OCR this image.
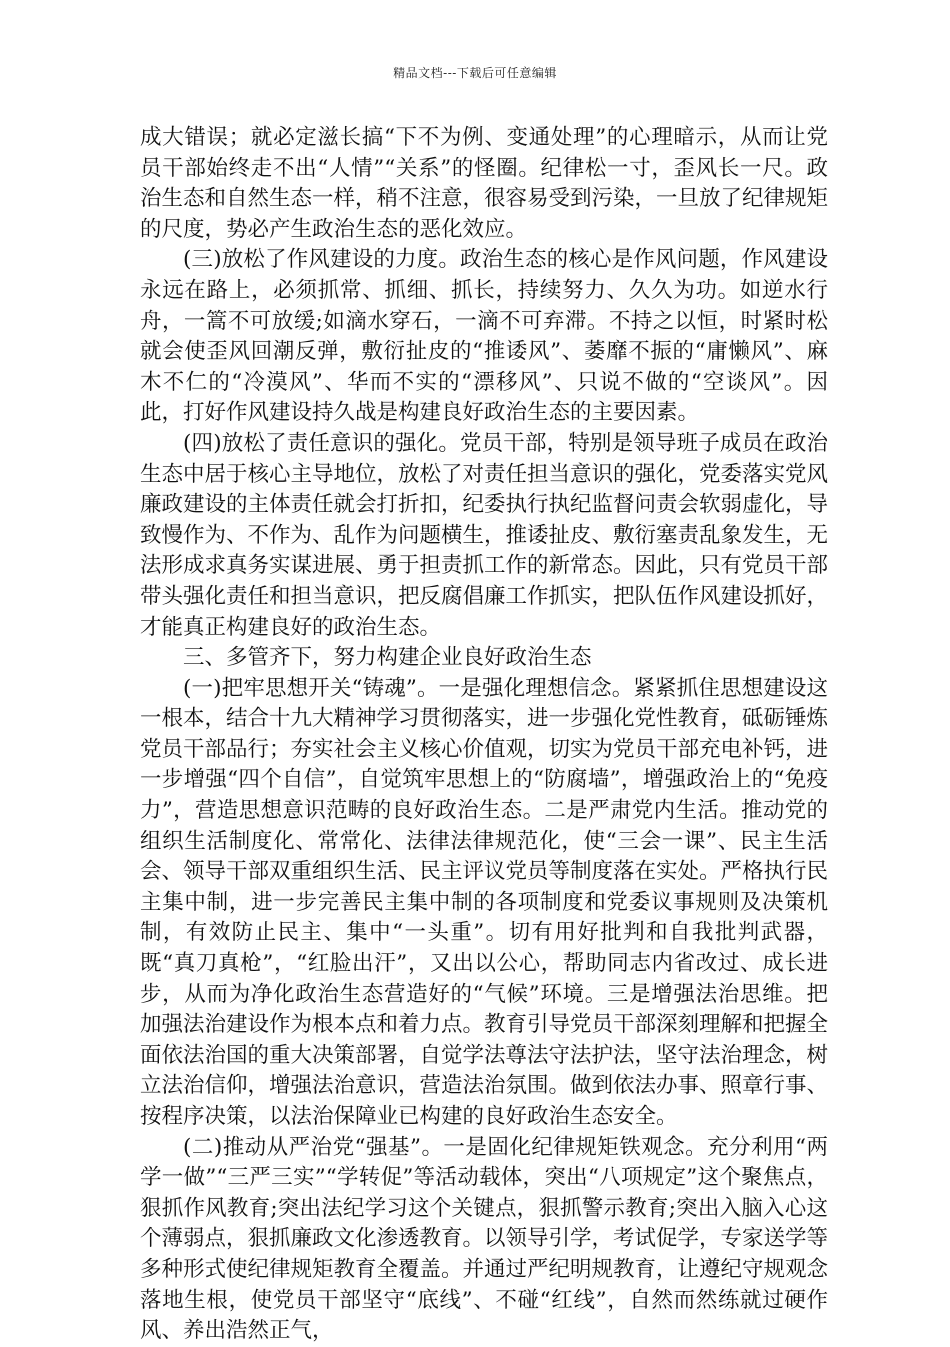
精品文档---下载后可任意编辑

成大错误；就必定滋长搞“下不为例、变通处理”的心理暗示，从而让党员干部始终走不出“人情”“关系”的怪圈。纪律松一寸，歪风长一尺。政治生态和自然生态一样，稍不注意，很容易受到污染，一旦放了纪律规矩的尺度，势必产生政治生态的恶化效应。

(三)放松了作风建设的力度。政治生态的核心是作风问题，作风建设永远在路上，必须抓常、抓细、抓长，持续努力、久久为功。如逆水行舟，一篙不可放缓;如滴水穿石，一滴不可弃滞。不持之以恒，时紧时松就会使歪风回潮反弹，敷衍扯皮的“推诿风”、萎靡不振的“庸懒风”、麻木不仁的“冷漠风”、华而不实的“漂移风”、只说不做的“空谈风”。因此，打好作风建设持久战是构建良好政治生态的主要因素。

(四)放松了责任意识的强化。党员干部，特别是领导班子成员在政治生态中居于核心主导地位，放松了对责任担当意识的强化，党委落实党风廉政建设的主体责任就会打折扣，纪委执行执纪监督问责会软弱虚化，导致慢作为、不作为、乱作为问题横生，推诿扯皮、敷衍塞责乱象发生，无法形成求真务实谋进展、勇于担责抓工作的新常态。因此，只有党员干部带头强化责任和担当意识，把反腐倡廉工作抓实，把队伍作风建设抓好，才能真正构建良好的政治生态。

三、多管齐下，努力构建企业良好政治生态

(一)把牢思想开关“铸魂”。一是强化理想信念。紧紧抓住思想建设这一根本，结合十九大精神学习贯彻落实，进一步强化党性教育，砥砺锤炼党员干部品行；夯实社会主义核心价值观，切实为党员干部充电补钙，进一步增强“四个自信”，自觉筑牢思想上的“防腐墙”，增强政治上的“免疫力”，营造思想意识范畴的良好政治生态。二是严肃党内生活。推动党的组织生活制度化、常常化、法律法律规范化，使“三会一课”、民主生活会、领导干部双重组织生活、民主评议党员等制度落在实处。严格执行民主集中制，进一步完善民主集中制的各项制度和党委议事规则及决策机制，有效防止民主、集中“一头重”。切有用好批判和自我批判武器，既“真刀真枪”，“红脸出汗”，又出以公心，帮助同志内省改过、成长进步，从而为净化政治生态营造好的“气候”环境。三是增强法治思维。把加强法治建设作为根本点和着力点。教育引导党员干部深刻理解和把握全面依法治国的重大决策部署，自觉学法尊法守法护法，坚守法治理念，树立法治信仰，增强法治意识，营造法治氛围。做到依法办事、照章行事、按程序决策，以法治保障业已构建的良好政治生态安全。

(二)推动从严治党“强基”。一是固化纪律规矩铁观念。充分利用“两学一做”“三严三实”“学转促”等活动载体，突出“八项规定”这个聚焦点，狠抓作风教育;突出法纪学习这个关键点，狠抓警示教育;突出入脑入心这个薄弱点，狠抓廉政文化渗透教育。以领导引学，考试促学，专家送学等多种形式使纪律规矩教育全覆盖。并通过严纪明规教育，让遵纪守规观念落地生根，使党员干部坚守“底线”、不碰“红线”，自然而然练就过硬作风、养出浩然正气，
